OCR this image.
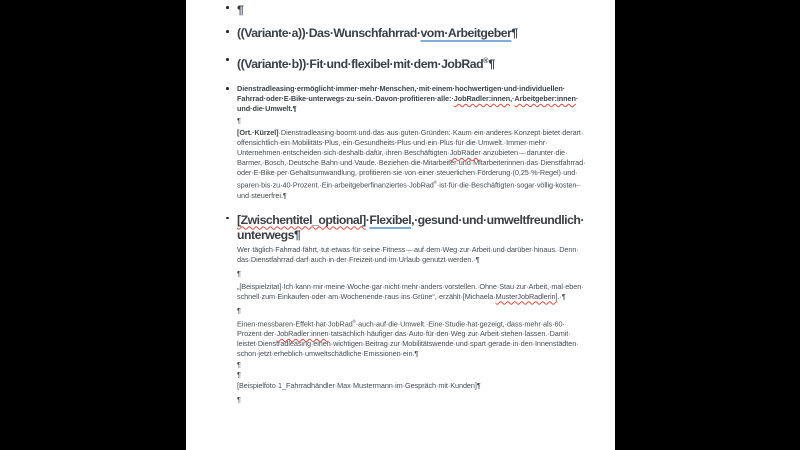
¶
((Variante·​a))·​Das·​Wunschfahrrad·​vom·​Arbeitgeber¶
((Variante·​b))·​Fit·​und·​flexibel·​mit·​dem·​JobRad®¶
Dienstradleasing·​ermöglicht·​immer·​mehr·​Menschen,·​mit·​einem·​hochwertigen·​und·​individuellen·​Fahrrad·​oder·​E-Bike·​unterwegs·​zu·​sein.·​Davon·​profitieren·​alle:·​JobRadler:innen,·​Arbeitgeber:innen·​und·​die·​Umwelt.¶
¶
[Ort.·​Kürzel]·​Dienstradleasing·​boomt·​und·​das·​aus·​guten·​Gründen:·​Kaum·​ein·​anderes·​Konzept·​bietet·​derart·​offensichtlich·​ein·​Mobilitäts-Plus,·​ein·​Gesundheits-Plus·​und·​ein·​Plus·​für·​die·​Umwelt.·​Immer·​mehr·​Unternehmen·​entscheiden·​sich·​deshalb·​dafür,·​ihren·​Beschäftigten·​JobRäder·​anzubieten·​–·​darunter·​die·​Barmer,·​Bosch,·​Deutsche·​Bahn·​und·​Vaude.·​Beziehen·​die·​Mitarbeiter·​und·​Mitarbeiterinnen·​das·​Dienstfahrrad·​oder·​E-Bike·​per·​Gehaltsumwandlung,·​profitieren·​sie·​von·​einer·​steuerlichen·​Förderung·​(0,25·​%-Regel)·​und·​sparen·​bis·​zu·​40·​Prozent.·​Ein·​arbeitgeberfinanziertes·​JobRad®·​ist·​für·​die·​Beschäftigten·​sogar·​völlig·​kosten-·​und·​steuerfrei.¶
[Zwischentitel_optional]·​Flexibel,·​gesund·​und·​umweltfreundlich·​unterwegs¶
Wer·​täglich·​Fahrrad·​fährt,·​tut·​etwas·​für·​seine·​Fitness·​–·​auf·​dem·​Weg·​zur·​Arbeit·​und·​darüber·​hinaus.·​Denn·​das·​Dienstfahrrad·​darf·​auch·​in·​der·​Freizeit·​und·​im·​Urlaub·​genutzt·​werden.·​¶
¶
„[Beispielzitat]·​Ich·​kann·​mir·​meine·​Woche·​gar·​nicht·​mehr·​anders·​vorstellen.·​Ohne·​Stau·​zur·​Arbeit,·​mal·​eben·​schnell·​zum·​Einkaufen·​oder·​am·​Wochenende·​raus·​ins·​Grüne“,·​erzählt·​[Michaela·​MusterJobRadlerin].·​¶
¶
Einen·​messbaren·​Effekt·​hat·​JobRad®·​auch·​auf·​die·​Umwelt.·​Eine·​Studie·​hat·​gezeigt,·​dass·​mehr·​als·​60·​Prozent·​der·​JobRadler:innen·​tatsächlich·​häufiger·​das·​Auto·​für·​den·​Weg·​zur·​Arbeit·​stehen·​lassen.·​Damit·​leistet·​Dienstradleasing·​einen·​wichtigen·​Beitrag·​zur·​Mobilitätswende·​und·​spart·​gerade·​in·​den·​Innenstädten·​schon·​jetzt·​erheblich·​umweltschädliche·​Emissionen·​ein.¶
¶
¶
[Beispielfoto·​1_Fahrradhändler·​Max·​Mustermann·​im·​Gespräch·​mit·​Kunden]¶
¶
